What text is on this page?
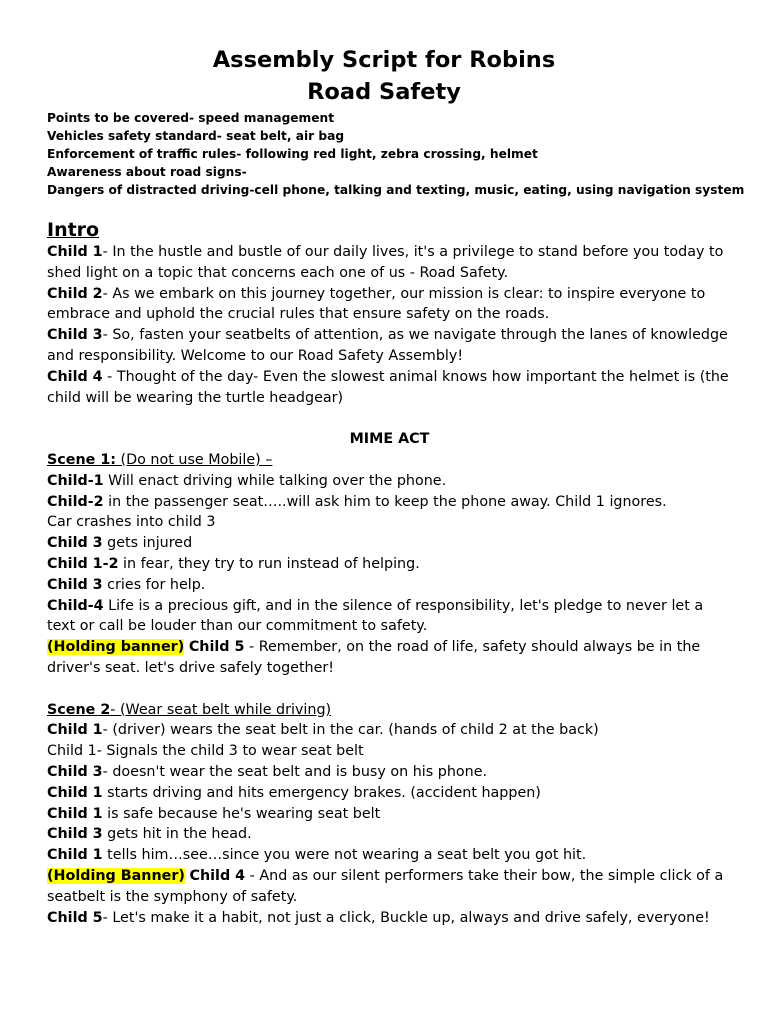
Assembly Script for Robins

Road Safety

Points to be covered- speed management
Vehicles safety standard- seat belt, air bag
Enforcement of traffic rules- following red light, zebra crossing, helmet
Awareness about road signs-
Dangers of distracted driving-cell phone, talking and texting, music, eating, using navigation system
Intro

Child 1- In the hustle and bustle of our daily lives, it's a privilege to stand before you today to shed light on a topic that concerns each one of us - Road Safety.

Child 2- As we embark on this journey together, our mission is clear: to inspire everyone to embrace and uphold the crucial rules that ensure safety on the roads.

Child 3- So, fasten your seatbelts of attention, as we navigate through the lanes of knowledge and responsibility. Welcome to our Road Safety Assembly!

Child 4 - Thought of the day- Even the slowest animal knows how important the helmet is (the child will be wearing the turtle headgear)

MIME ACT

Scene 1: (Do not use Mobile) –

Child-1 Will enact driving while talking over the phone.

Child-2 in the passenger seat…..will ask him to keep the phone away. Child 1 ignores.

Car crashes into child 3

Child 3 gets injured

Child 1-2 in fear, they try to run instead of helping.

Child 3 cries for help.

Child-4 Life is a precious gift, and in the silence of responsibility, let's pledge to never let a text or call be louder than our commitment to safety.

(Holding banner) Child 5 - Remember, on the road of life, safety should always be in the driver's seat. let's drive safely together!

Scene 2- (Wear seat belt while driving)

Child 1- (driver) wears the seat belt in the car. (hands of child 2 at the back)

Child 1- Signals the child 3 to wear seat belt

Child 3- doesn't wear the seat belt and is busy on his phone.

Child 1 starts driving and hits emergency brakes. (accident happen)

Child 1 is safe because he's wearing seat belt

Child 3 gets hit in the head.

Child 1 tells him…see…since you were not wearing a seat belt you got hit.

(Holding Banner) Child 4 - And as our silent performers take their bow, the simple click of a seatbelt is the symphony of safety.

Child 5- Let's make it a habit, not just a click, Buckle up, always and drive safely, everyone!
